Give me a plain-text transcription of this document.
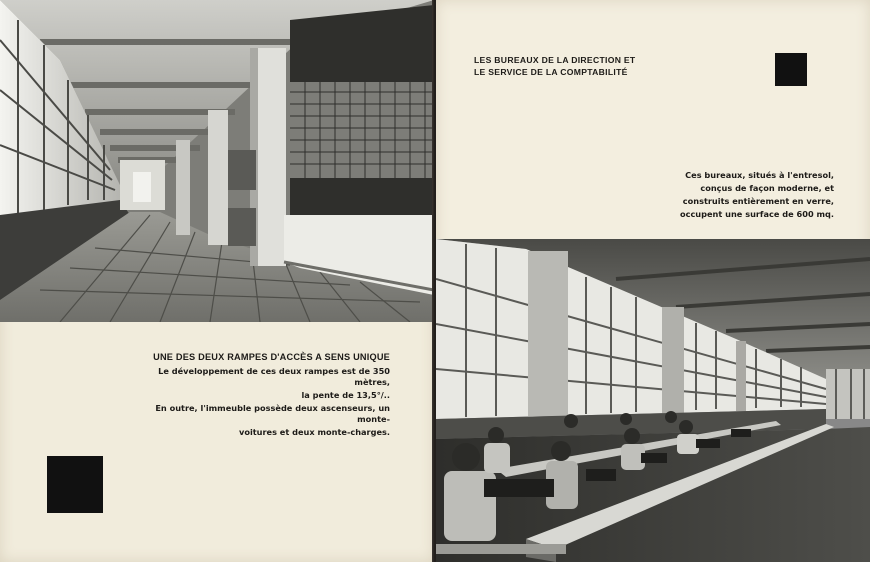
UNE DES DEUX RAMPES D'ACCÈS A SENS UNIQUE

Le développement de ces deux rampes est de 350 mètres,

la pente de 13,5°/..

En outre, l'immeuble possède deux ascenseurs, un monte-

voitures et deux monte-charges.

LES BUREAUX DE LA DIRECTION ET
LE SERVICE DE LA COMPTABILITÉ
Ces bureaux, situés à l'entresol,
conçus de façon moderne, et
construits entièrement en verre,
occupent une surface de 600 mq.
